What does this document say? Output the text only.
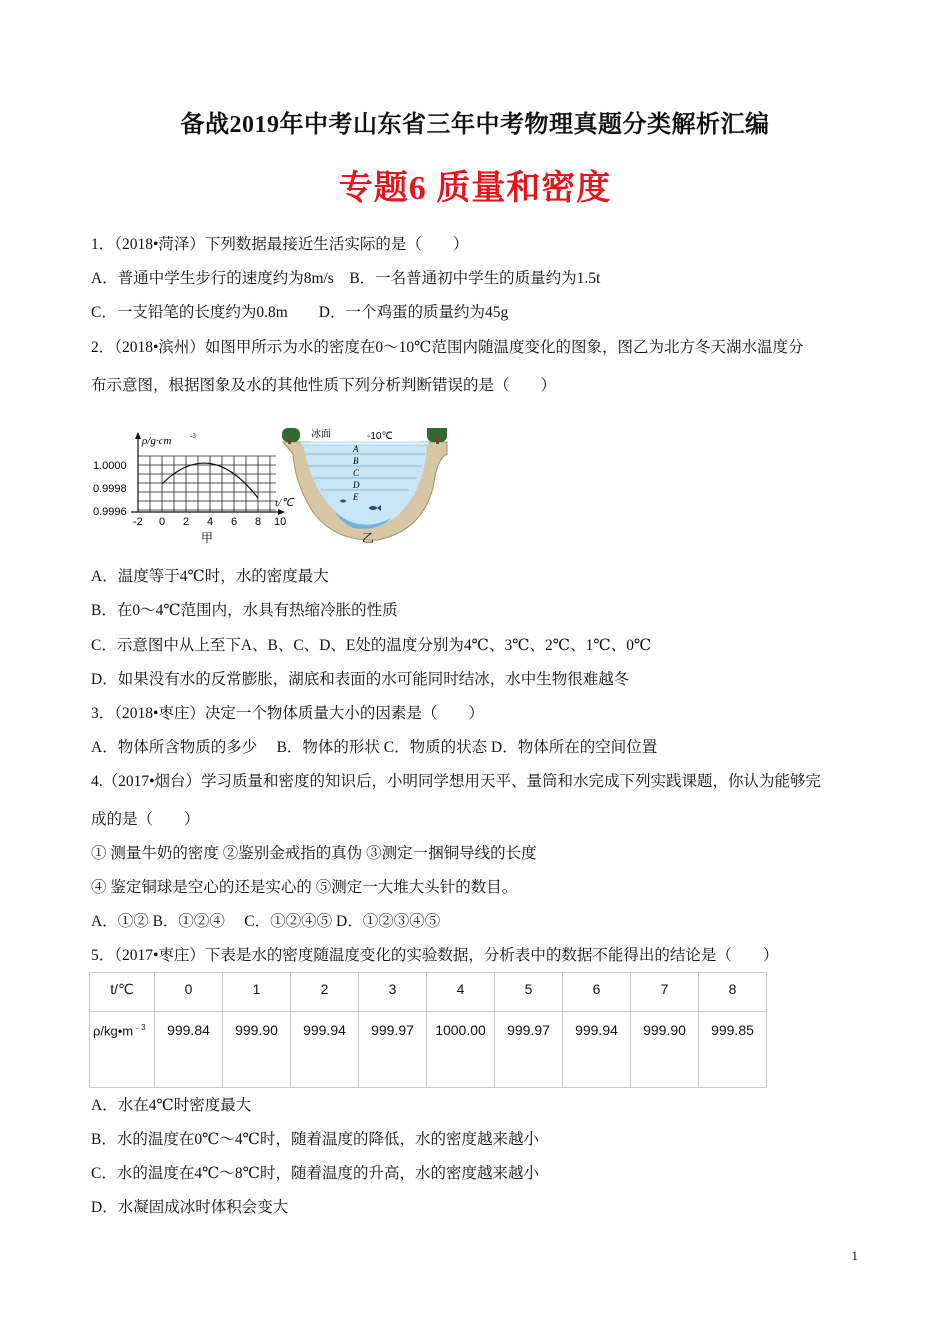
备战2019年中考山东省三年中考物理真题分类解析汇编
专题6 质量和密度
1．（2018•菏泽）下列数据最接近生活实际的是（　　）
A．普通中学生步行的速度约为8m/s　B．一名普通初中学生的质量约为1.5t
C．一支铅笔的长度约为0.8m　　D．一个鸡蛋的质量约为45g
2．（2018•滨州）如图甲所示为水的密度在0～10℃范围内随温度变化的图象，图乙为北方冬天湖水温度分
布示意图，根据图象及水的其他性质下列分析判断错误的是（　　）
ρ/g·cm	-3
t/℃
1.0000
0.9998
0.9996
-2 0 2 4 6 8 10
甲
冰面	-10℃
A
B
C
D
E
乙
A．温度等于4℃时，水的密度最大
B．在0～4℃范围内，水具有热缩冷胀的性质
C．示意图中从上至下A、B、C、D、E处的温度分别为4℃、3℃、2℃、1℃、0℃
D．如果没有水的反常膨胀，湖底和表面的水可能同时结冰，水中生物很难越冬
3．（2018•枣庄）决定一个物体质量大小的因素是（　　）
A．物体所含物质的多少　 B．物体的形状 C．物质的状态 D．物体所在的空间位置
4.（2017•烟台）学习质量和密度的知识后，小明同学想用天平、量筒和水完成下列实践课题，你认为能够完
成的是（　　）
① 测量牛奶的密度 ②鉴别金戒指的真伪 ③测定一捆铜导线的长度
④ 鉴定铜球是空心的还是实心的 ⑤测定一大堆大头针的数目。
A．①② B．①②④　 C．①②④⑤ D．①②③④⑤
5．（2017•枣庄）下表是水的密度随温度变化的实验数据，分析表中的数据不能得出的结论是（　　）
t/℃	0	1	2	3	4	5	6	7	8
$\rho/kg•m^{﹣3}$	999.84	999.90	999.94	999.97	1000.00	999.97	999.94	999.90	999.85
A．水在4℃时密度最大
B．水的温度在0℃～4℃时，随着温度的降低，水的密度越来越小
C．水的温度在4℃～8℃时，随着温度的升高，水的密度越来越小
D．水凝固成冰时体积会变大
1
